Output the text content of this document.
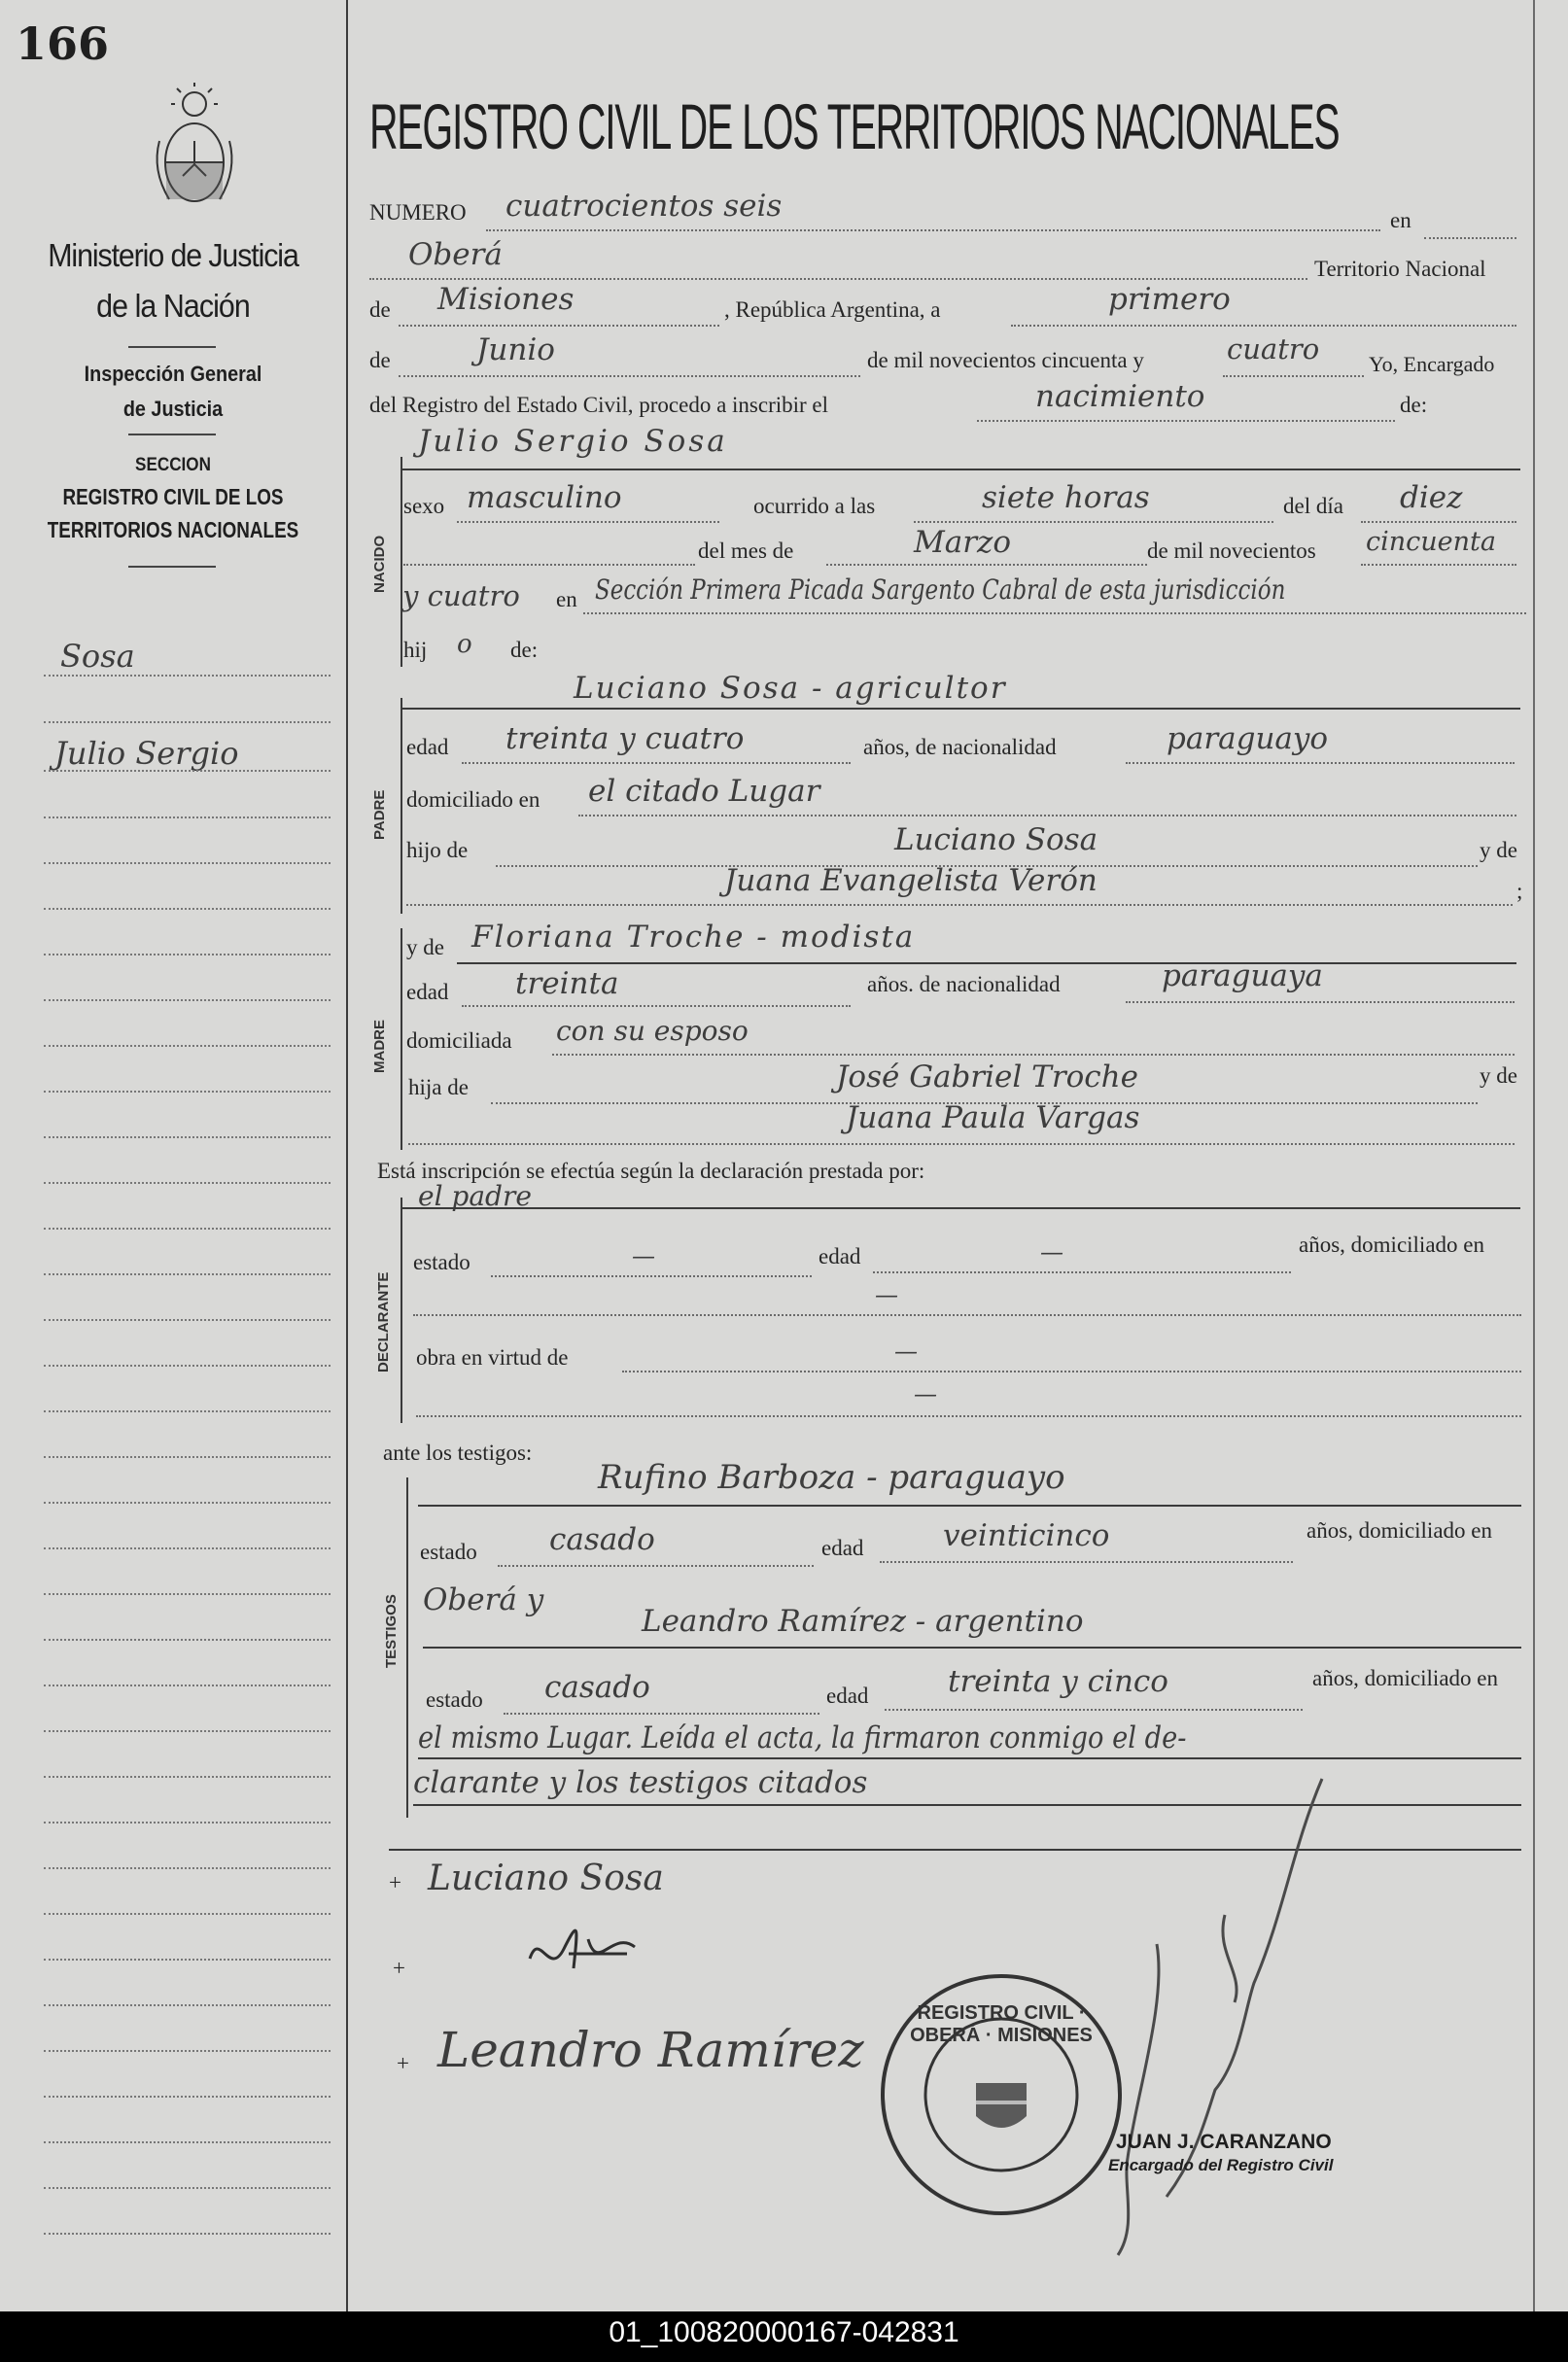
166
Ministerio de Justicia
de la Nación
Inspección General
de Justicia
SECCION
REGISTRO CIVIL DE LOS
TERRITORIOS NACIONALES
Sosa
Julio Sergio
REGISTRO CIVIL DE LOS TERRITORIOS NACIONALES
NUMERO cuatrocientos seis	en
Oberá	Territorio Nacional
de Misiones	, República Argentina, a	primero
de	Junio	de mil novecientos cincuenta y	cuatro Yo, Encargado
del Registro del Estado Civil, procedo a inscribir el	nacimiento	de:
Julio Sergio Sosa
NACIDO
sexo masculino	ocurrido a las	siete horas	del día diez
del mes de	Marzo	de mil novecientos cincuenta
y cuatro en Sección Primera Picada Sargento Cabral de esta jurisdicción
hij o de:
Luciano Sosa - agricultor
PADRE
edad treinta y cuatro	años, de nacionalidad	paraguayo
domiciliado en el citado Lugar
hijo de	Luciano Sosa	y de
Juana Evangelista Verón	;
MADRE
y de Floriana Troche - modista
edad treinta	años. de nacionalidad	paraguaya
domiciliada con su esposo
hija de	José Gabriel Troche	y de
Juana Paula Vargas
Está inscripción se efectúa según la declaración prestada por:
el padre
DECLARANTE
estado	—	edad	—	años, domiciliado en
—
obra en virtud de	—
—
ante los testigos:
Rufino Barboza - paraguayo
TESTIGOS
estado casado	edad	veinticinco	años, domiciliado en
Oberá y
Leandro Ramírez - argentino
estado casado	edad	treinta y cinco	años, domiciliado en
el mismo Lugar. Leída el acta, la firmaron conmigo el de-
clarante y los testigos citados
+ Luciano Sosa
+
+ Leandro Ramírez
REGISTRO CIVIL · OBERÁ · MISIONES
JUAN J. CARANZANO
Encargado del Registro Civil
01_100820000167-042831
